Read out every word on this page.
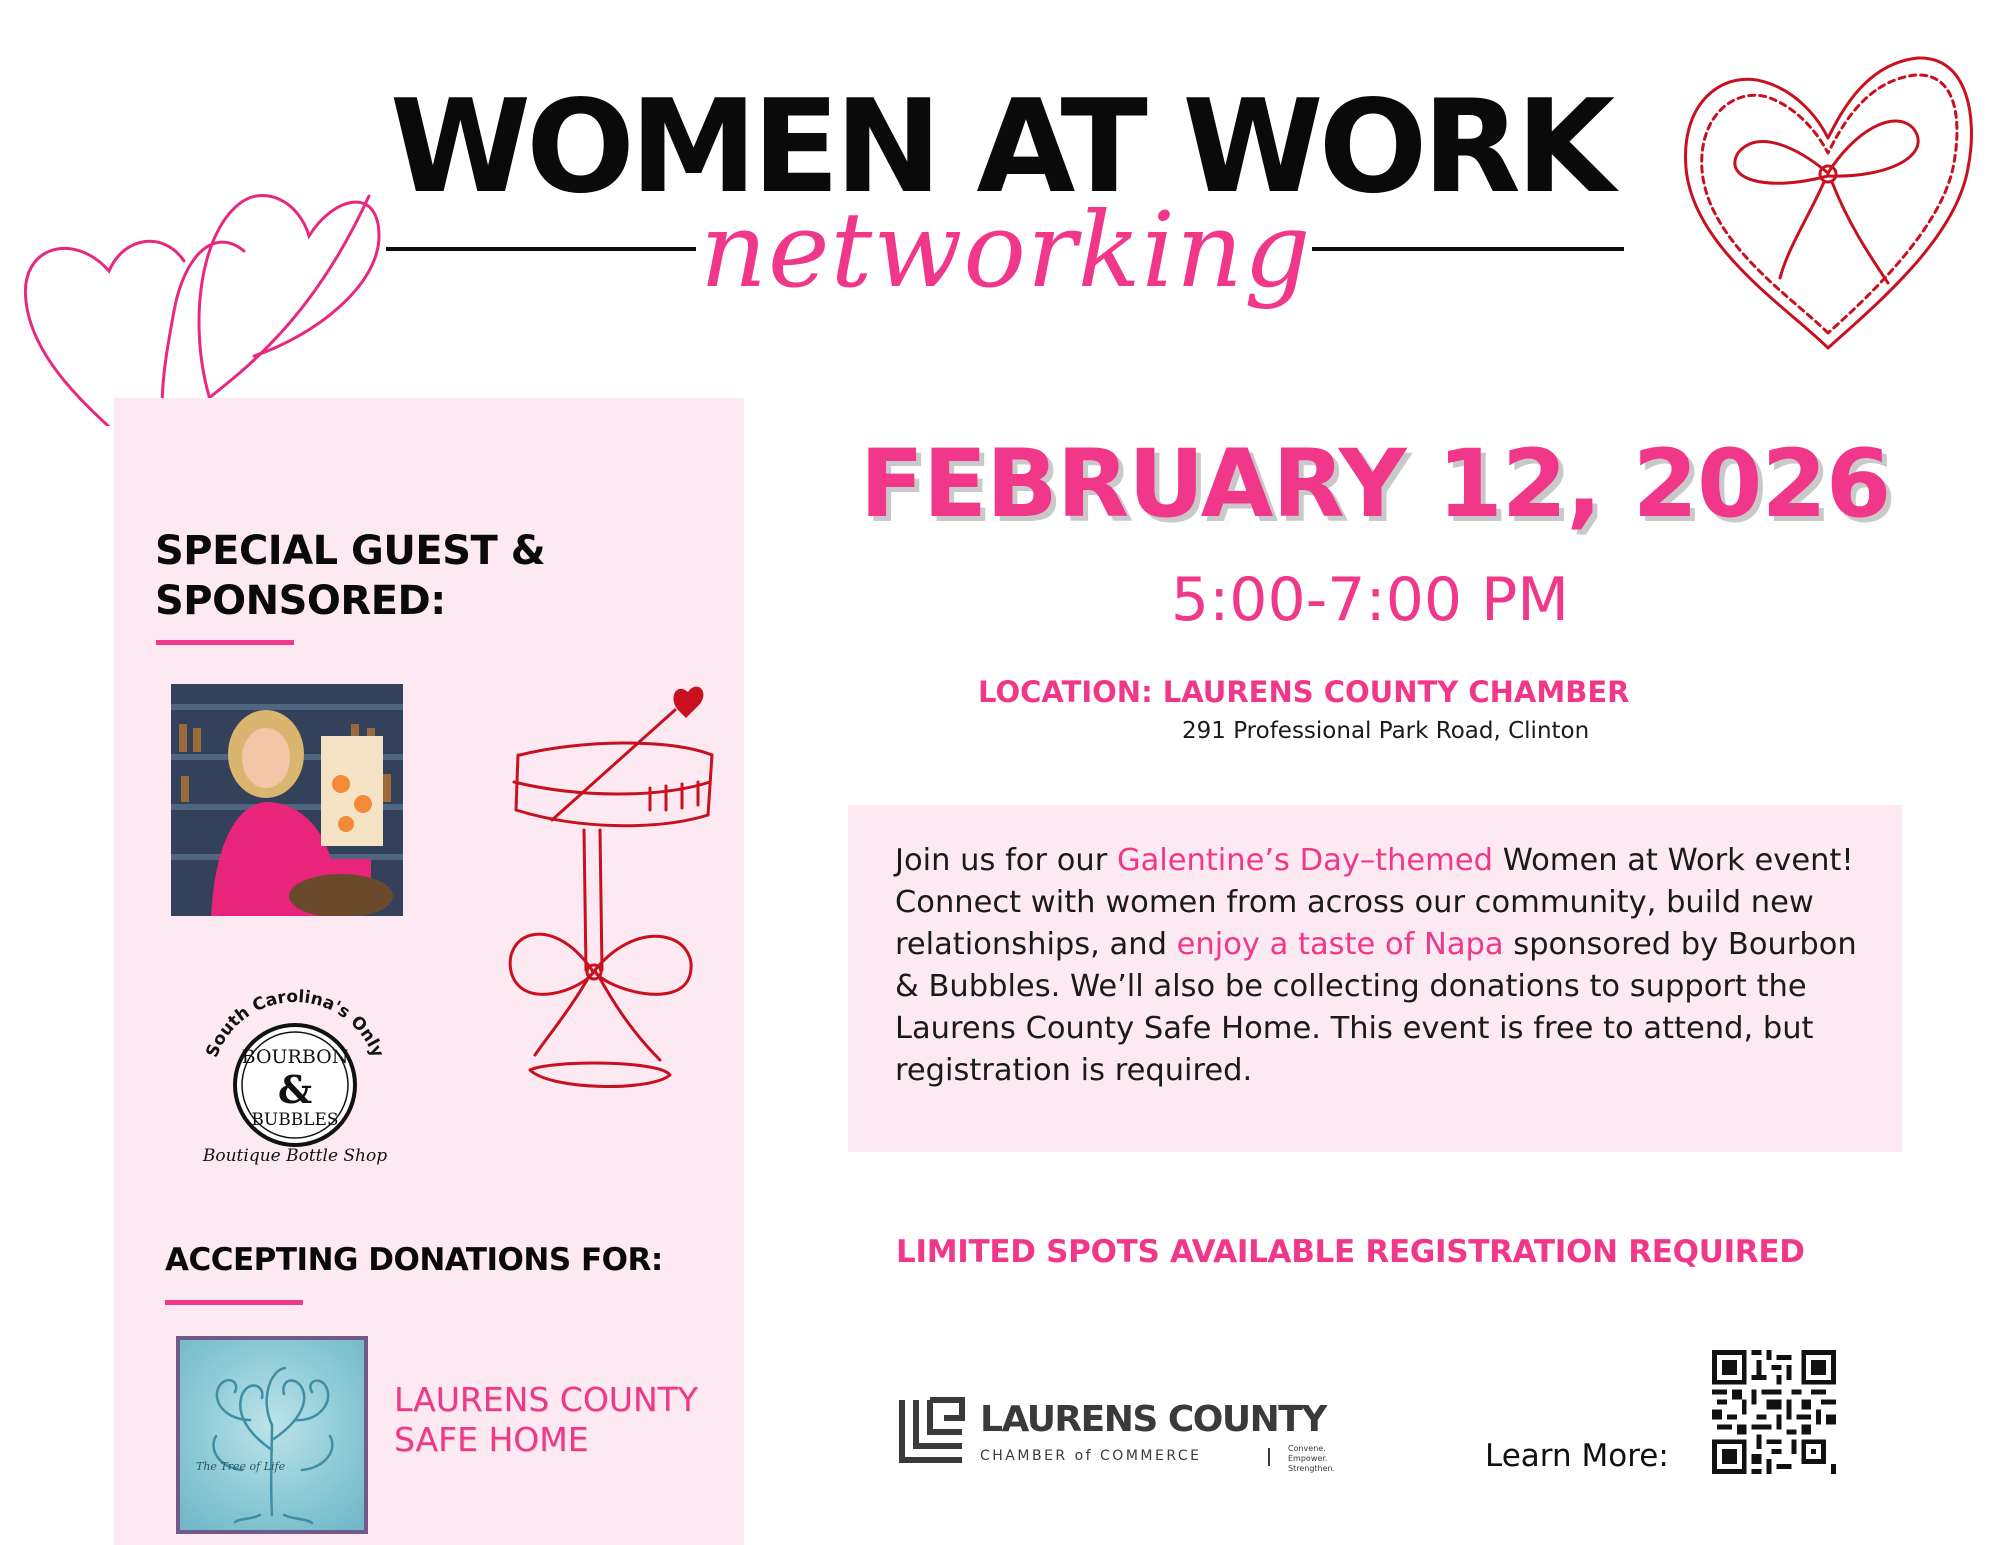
WOMEN AT WORK
networking
SPECIAL GUEST & SPONSORED:
South Carolina's Only
BOURBON
&
BUBBLES
Boutique Bottle Shop
ACCEPTING DONATIONS FOR:
The Tree of Life
LAURENS COUNTY SAFE HOME
FEBRUARY 12, 2026
5:00-7:00 PM
LOCATION: LAURENS COUNTY CHAMBER
291 Professional Park Road, Clinton
Join us for our Galentine’s Day–themed Women at Work event! Connect with women from across our community, build new relationships, and enjoy a taste of Napa sponsored by Bourbon & Bubbles. We’ll also be collecting donations to support the Laurens County Safe Home. This event is free to attend, but registration is required.
LIMITED SPOTS AVAILABLE REGISTRATION REQUIRED
LAURENS COUNTY
CHAMBER of COMMERCE	Convene.
Empower.
Strengthen.	Learn More:
